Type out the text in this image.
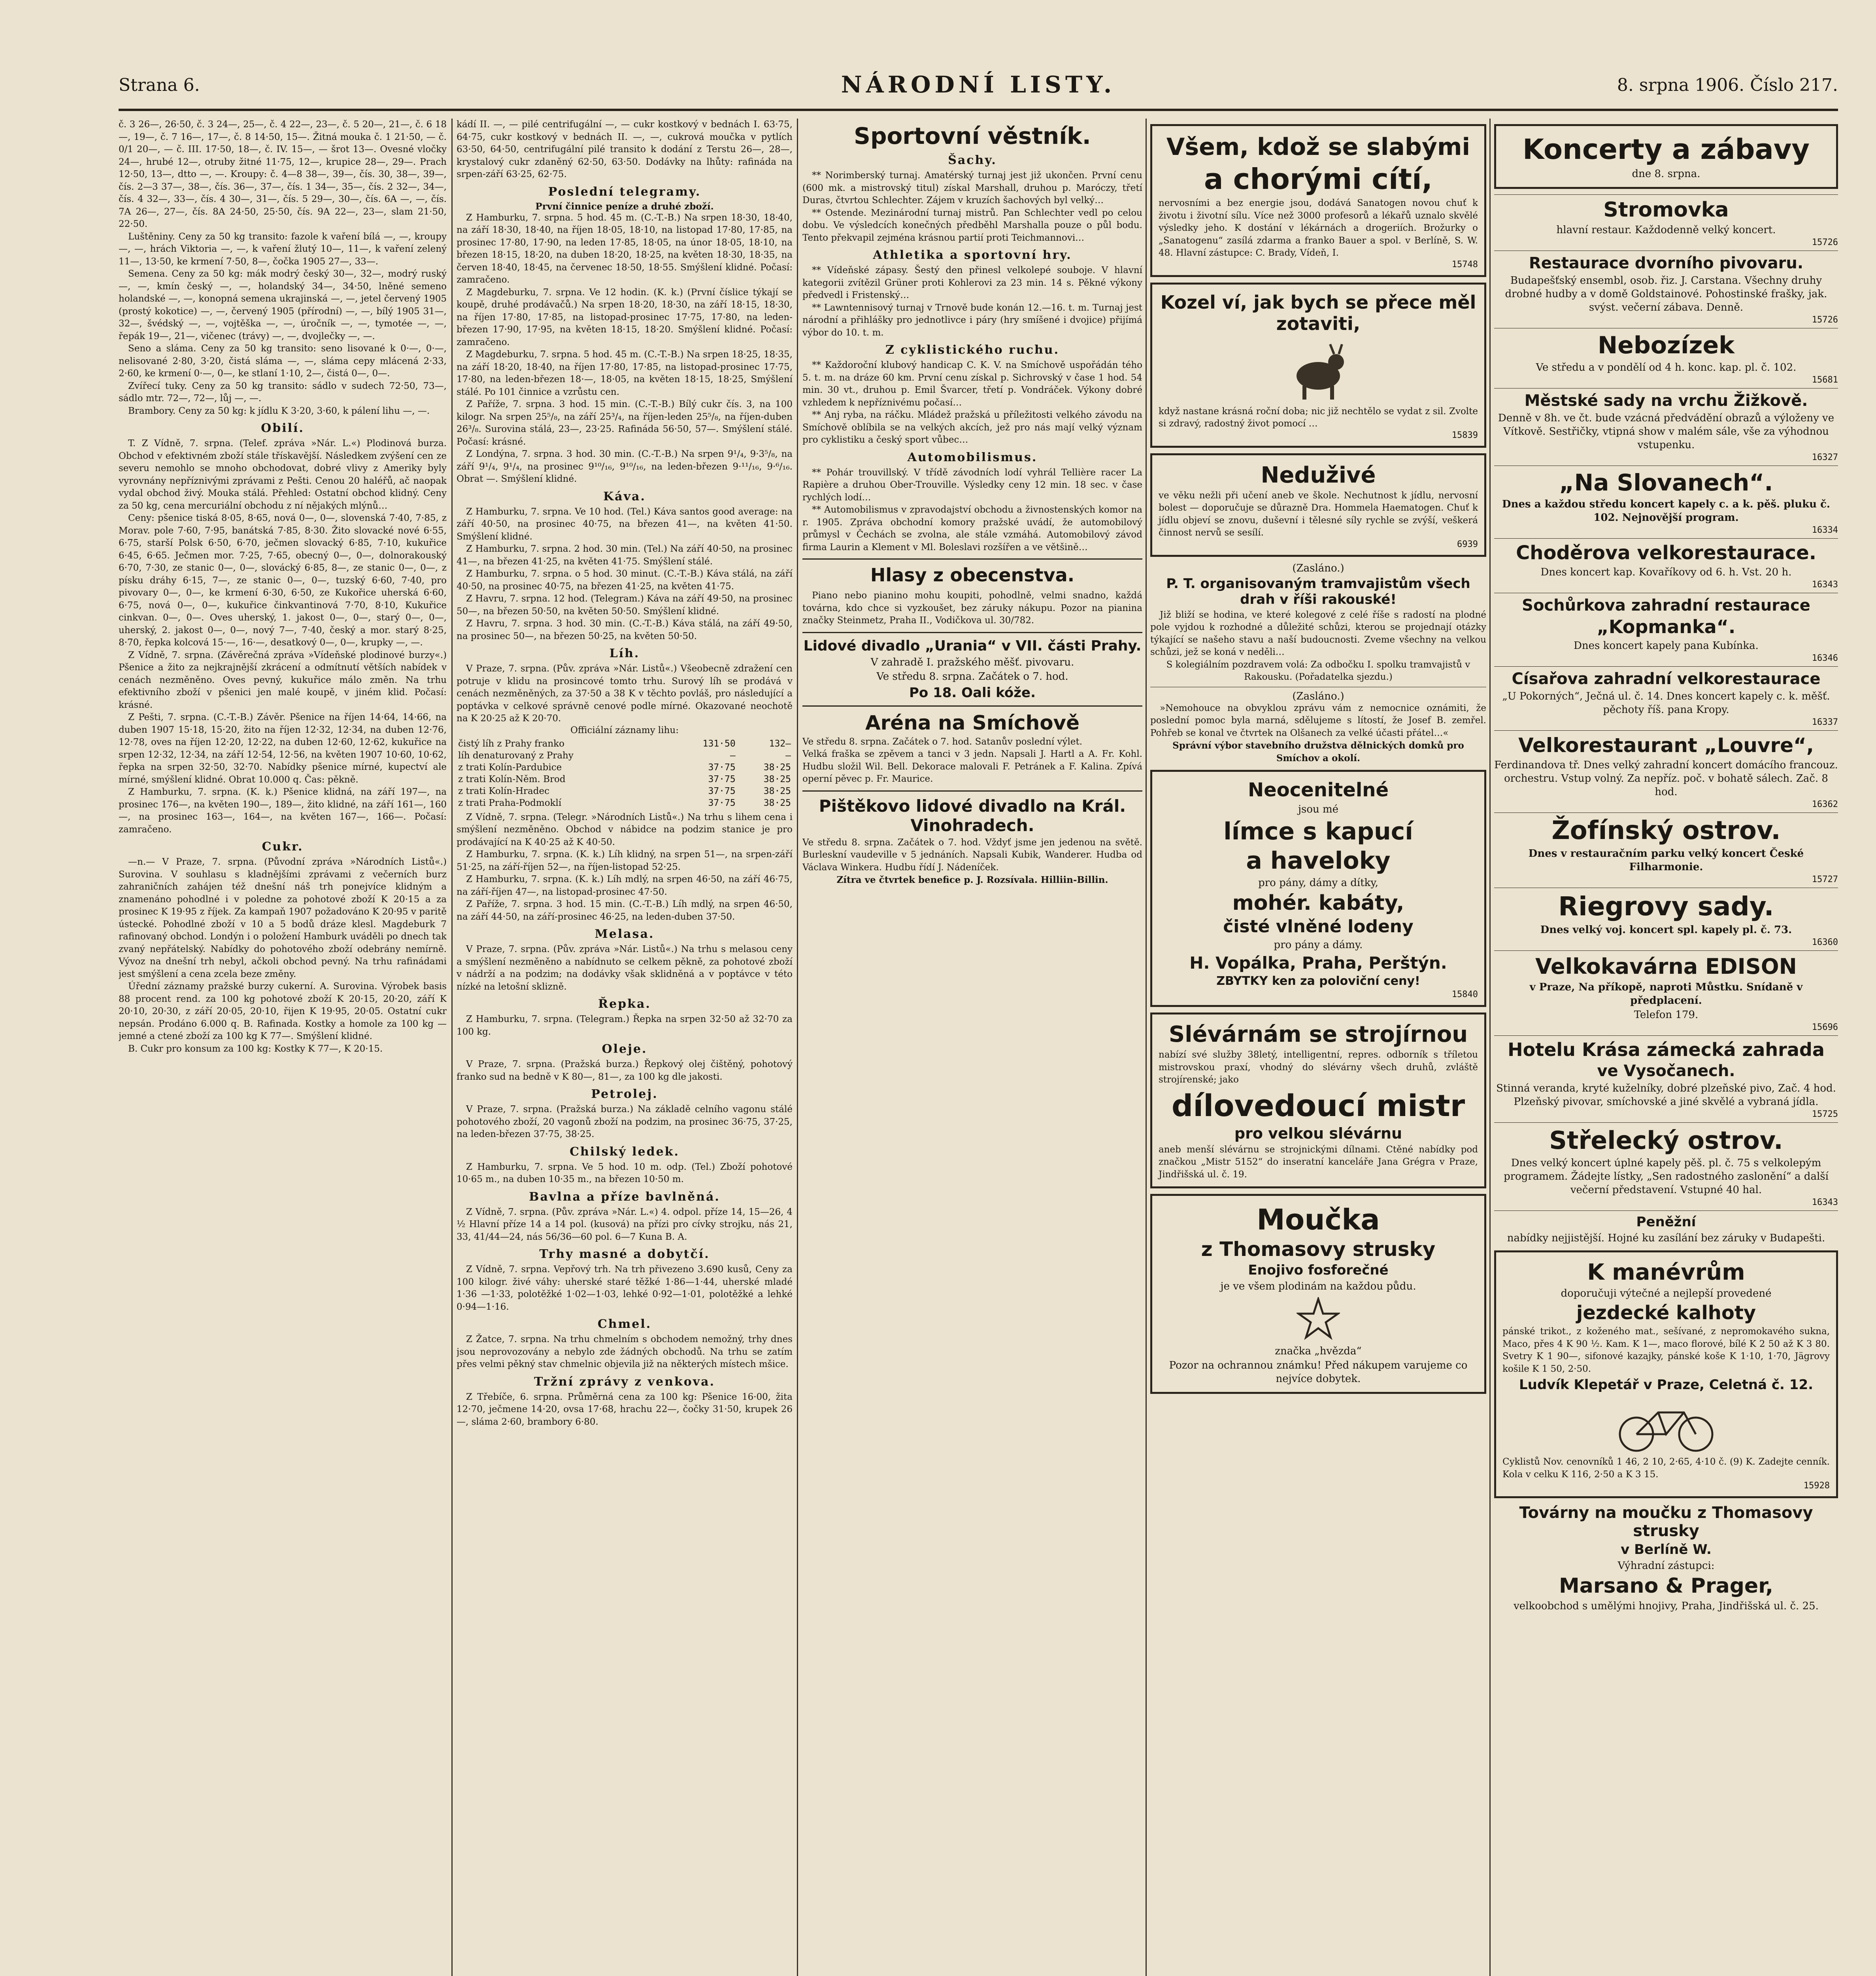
Strana 6.	NÁRODNÍ LISTY.	8. srpna 1906. Číslo 217.

č. 3 26—, 26·50, č. 3 24—, 25—, č. 4 22—, 23—, č. 5 20—, 21—, č. 6 18—, 19—, č. 7 16—, 17—, č. 8 14·50, 15—. Žitná mouka č. 1 21·50, — č. 0/1 20—, — č. III. 17·50, 18—, č. IV. 15—, — šrot 13—. Ovesné vločky 24—, hrubé 12—, otruby žitné 11·75, 12—, krupice 28—, 29—. Prach 12·50, 13—, dtto —, —. Kroupy: č. 4—8 38—, 39—, čís. 30, 38—, 39—, čís. 2—3 37—, 38—, čís. 36—, 37—, čís. 1 34—, 35—, čís. 2 32—, 34—, čís. 4 32—, 33—, čís. 4 30—, 31—, čís. 5 29—, 30—, čís. 6A —, —, čís. 7A 26—, 27—, čís. 8A 24·50, 25·50, čís. 9A 22—, 23—, slam 21·50, 22·50.

Luštěniny. Ceny za 50 kg transito: fazole k vaření bílá —, —, kroupy —, —, hrách Viktoria —, —, k vaření žlutý 10—, 11—, k vaření zelený 11—, 13·50, ke krmení 7·50, 8—, čočka 1905 27—, 33—.

Semena. Ceny za 50 kg: mák modrý český 30—, 32—, modrý ruský —, —, kmín český —, —, holandský 34—, 34·50, lněné semeno holandské —, —, konopná semena ukrajinská —, —, jetel červený 1905 (prostý kokotice) —, —, červený 1905 (přírodní) —, —, bílý 1905 31—, 32—, švédský —, —, vojtěška —, —, úročník —, —, tymotée —, —, řepák 19—, 21—, vičenec (trávy) —, —, dvojlečky —, —.

Seno a sláma. Ceny za 50 kg transito: seno lisované k 0·—, 0·—, nelisované 2·80, 3·20, čistá sláma —, —, sláma cepy mlácená 2·33, 2·60, ke krmení 0·—, 0—, ke stlaní 1·10, 2—, čistá 0—, 0—.

Zvířecí tuky. Ceny za 50 kg transito: sádlo v sudech 72·50, 73—, sádlo mtr. 72—, 72—, lůj —, —.

Brambory. Ceny za 50 kg: k jídlu K 3·20, 3·60, k pálení lihu —, —.

Obilí.

T. Z Vídně, 7. srpna. (Telef. zpráva »Nár. L.«) Plodinová burza. Obchod v efektivném zboží stále třískavější. Následkem zvýšení cen ze severu nemohlo se mnoho obchodovat, dobré vlivy z Ameriky byly vyrovnány nepříznivými zprávami z Pešti. Cenou 20 haléřů, ač naopak vydal obchod živý. Mouka stálá. Přehled: Ostatní obchod klidný. Ceny za 50 kg, cena mercuriální obchodu z ní nějakých mlýnů…

Ceny: pšenice tiská 8·05, 8·65, nová 0—, 0—, slovenská 7·40, 7·85, z Morav. pole 7·60, 7·95, banátská 7·85, 8·30. Žito slovacké nové 6·55, 6·75, starší Polsk 6·50, 6·70, ječmen slovacký 6·85, 7·10, kukuřice 6·45, 6·65. Ječmen mor. 7·25, 7·65, obecný 0—, 0—, dolnorakouský 6·70, 7·30, ze stanic 0—, 0—, slovácký 6·85, 8—, ze stanic 0—, 0—, z písku dráhy 6·15, 7—, ze stanic 0—, 0—, tuzský 6·60, 7·40, pro pivovary 0—, 0—, ke krmení 6·30, 6·50, ze Kukořice uherská 6·60, 6·75, nová 0—, 0—, kukuřice činkvantinová 7·70, 8·10, Kukuřice cinkvan. 0—, 0—. Oves uherský, 1. jakost 0—, 0—, starý 0—, 0—, uherský, 2. jakost 0—, 0—, nový 7—, 7·40, český a mor. starý 8·25, 8·70, řepka kolcová 15·—, 16·—, desatkový 0—, 0—, krupky —, —.

Z Vídně, 7. srpna. (Závěrečná zpráva »Vídeňské plodinové burzy«.) Pšenice a žito za nejkrajnější zkrácení a odmítnutí větších nabídek v cenách nezměněno. Oves pevný, kukuřice málo změn. Na trhu efektivního zboží v pšenici jen malé koupě, v jiném klid. Počasí: krásné.

Z Pešti, 7. srpna. (C.-T.-B.) Závěr. Pšenice na říjen 14·64, 14·66, na duben 1907 15·18, 15·20, žito na říjen 12·32, 12·34, na duben 12·76, 12·78, oves na říjen 12·20, 12·22, na duben 12·60, 12·62, kukuřice na srpen 12·32, 12·34, na září 12·54, 12·56, na květen 1907 10·60, 10·62, řepka na srpen 32·50, 32·70. Nabídky pšenice mírné, kupectví ale mírné, smýšlení klidné. Obrat 10.000 q. Čas: pěkně.

Z Hamburku, 7. srpna. (K. k.) Pšenice klidná, na září 197—, na prosinec 176—, na květen 190—, 189—, žito klidné, na září 161—, 160—, na prosinec 163—, 164—, na květen 167—, 166—. Počasí: zamračeno.

Cukr.

—n.— V Praze, 7. srpna. (Původní zpráva »Národních Listů«.) Surovina. V souhlasu s kladnějšími zprávami z večerních burz zahraničních zahájen též dnešní náš trh ponejvíce klidným a znamenáno pohodlné i v poledne za pohotové zboží K 20·15 a za prosinec K 19·95 z říjek. Za kampaň 1907 požadováno K 20·95 v paritě ústecké. Pohodlné zboží v 10 a 5 bodů dráze klesl. Magdeburk 7 rafinovaný obchod. Londýn i o položení Hamburk uváděli po dnech tak zvaný nepřátelský. Nabídky do pohotového zboží odebrány nemírně. Vývoz na dnešní trh nebyl, ačkoli obchod pevný. Na trhu rafinádami jest smýšlení a cena zcela beze změny.

Úřední záznamy pražské burzy cukerní. A. Surovina. Výrobek basis 88 procent rend. za 100 kg pohotové zboží K 20·15, 20·20, září K 20·10, 20·30, z září 20·05, 20·10, řijen K 19·95, 20·05. Ostatní cukr nepsán. Prodáno 6.000 q. B. Rafinada. Kostky a homole za 100 kg — jemné a ctené zboží za 100 kg K 77—. Smýšlení klidné.

B. Cukr pro konsum za 100 kg: Kostky K 77—, K 20·15.

kádí II. —, — pilé centrifugální —, — cukr kostkový v bednách I. 63·75, 64·75, cukr kostkový v bednách II. —, —, cukrová moučka v pytlích 63·50, 64·50, centrifugální pilé transito k dodání z Terstu 26—, 28—, krystalový cukr zdaněný 62·50, 63·50. Dodávky na lhůty: rafináda na srpen-září 63·25, 62·75.

Poslední telegramy.
První činnice peníze a druhé zboží.

Z Hamburku, 7. srpna. 5 hod. 45 m. (C.-T.-B.) Na srpen 18·30, 18·40, na září 18·30, 18·40, na říjen 18·05, 18·10, na listopad 17·80, 17·85, na prosinec 17·80, 17·90, na leden 17·85, 18·05, na únor 18·05, 18·10, na březen 18·15, 18·20, na duben 18·20, 18·25, na květen 18·30, 18·35, na červen 18·40, 18·45, na červenec 18·50, 18·55. Smýšlení klidné. Počasí: zamračeno.

Z Magdeburku, 7. srpna. Ve 12 hodin. (K. k.) (První číslice týkají se koupě, druhé prodávačů.) Na srpen 18·20, 18·30, na září 18·15, 18·30, na říjen 17·80, 17·85, na listopad-prosinec 17·75, 17·80, na leden-březen 17·90, 17·95, na květen 18·15, 18·20. Smýšlení klidné. Počasí: zamračeno.

Z Magdeburku, 7. srpna. 5 hod. 45 m. (C.-T.-B.) Na srpen 18·25, 18·35, na září 18·20, 18·40, na říjen 17·80, 17·85, na listopad-prosinec 17·75, 17·80, na leden-březen 18·—, 18·05, na květen 18·15, 18·25, Smýšlení stálé. Po 101 činnice a vzrůstu cen.

Z Paříže, 7. srpna. 3 hod. 15 min. (C.-T.-B.) Bílý cukr čís. 3, na 100 kilogr. Na srpen 25⁵/₈, na září 25³/₄, na říjen-leden 25⁵/₈, na říjen-duben 26³/₈. Surovina stálá, 23—, 23·25. Rafináda 56·50, 57—. Smýšlení stálé. Počasí: krásné.

Z Londýna, 7. srpna. 3 hod. 30 min. (C.-T.-B.) Na srpen 9¹/₄, 9·3⁵/₈, na září 9¹/₄, 9¹/₄, na prosinec 9¹⁰/₁₆, 9¹⁰/₁₆, na leden-březen 9·¹¹/₁₆, 9·⁶/₁₆. Obrat —. Smýšlení klidné.

Káva.

Z Hamburku, 7. srpna. Ve 10 hod. (Tel.) Káva santos good average: na září 40·50, na prosinec 40·75, na březen 41—, na květen 41·50. Smýšlení klidné.

Z Hamburku, 7. srpna. 2 hod. 30 min. (Tel.) Na září 40·50, na prosinec 41—, na březen 41·25, na květen 41·75. Smýšlení stálé.

Z Hamburku, 7. srpna. o 5 hod. 30 minut. (C.-T.-B.) Káva stálá, na září 40·50, na prosinec 40·75, na březen 41·25, na květen 41·75.

Z Havru, 7. srpna. 12 hod. (Telegram.) Káva na září 49·50, na prosinec 50—, na březen 50·50, na květen 50·50. Smýšlení klidné.

Z Havru, 7. srpna. 3 hod. 30 min. (C.-T.-B.) Káva stálá, na září 49·50, na prosinec 50—, na březen 50·25, na květen 50·50.

Líh.

V Praze, 7. srpna. (Pův. zpráva »Nár. Listů«.) Všeobecně zdražení cen potruje v klidu na prosincové tomto trhu. Surový líh se prodává v cenách nezměněných, za 37·50 a 38 K v těchto povláš, pro následující a poptávka v celkové správně cenové podle mírné. Okazované neochotě na K 20·25 až K 20·70.

Officiální záznamy lihu:
čistý líh z Prahy franko	131·50	132—
líh denaturovaný z Prahy	—	—
z trati Kolín-Pardubice	37·75	38·25
z trati Kolín-Něm. Brod	37·75	38·25
z trati Kolín-Hradec	37·75	38·25
z trati Praha-Podmoklí	37·75	38·25

Z Vídně, 7. srpna. (Telegr. »Národních Listů«.) Na trhu s lihem cena i smýšlení nezměněno. Obchod v nábidce na podzim stanice je pro prodávající na K 40·25 až K 40·50.

Z Hamburku, 7. srpna. (K. k.) Líh klidný, na srpen 51—, na srpen-září 51·25, na září-říjen 52—, na říjen-listopad 52·25.

Z Hamburku, 7. srpna. (K. k.) Líh mdlý, na srpen 46·50, na září 46·75, na září-říjen 47—, na listopad-prosinec 47·50.

Z Paříže, 7. srpna. 3 hod. 15 min. (C.-T.-B.) Líh mdlý, na srpen 46·50, na září 44·50, na září-prosinec 46·25, na leden-duben 37·50.

Melasa.

V Praze, 7. srpna. (Pův. zpráva »Nár. Listů«.) Na trhu s melasou ceny a smýšlení nezměněno a nabídnuto se celkem pěkně, za pohotové zboží v nádrží a na podzim; na dodávky však sklidněná a v poptávce v této nízké na letošní sklizně.

Řepka.

Z Hamburku, 7. srpna. (Telegram.) Řepka na srpen 32·50 až 32·70 za 100 kg.

Oleje.

V Praze, 7. srpna. (Pražská burza.) Řepkový olej čištěný, pohotový franko sud na bedně v K 80—, 81—, za 100 kg dle jakosti.

Petrolej.

V Praze, 7. srpna. (Pražská burza.) Na základě celního vagonu stálé pohotového zboží, 20 vagonů zboží na podzim, na prosinec 36·75, 37·25, na leden-březen 37·75, 38·25.

Chilský ledek.

Z Hamburku, 7. srpna. Ve 5 hod. 10 m. odp. (Tel.) Zboží pohotové 10·65 m., na duben 10·35 m., na březen 10·50 m.

Bavlna a příze bavlněná.

Z Vídně, 7. srpna. (Pův. zpráva »Nár. L.«) 4. odpol. příze 14, 15—26, 4 ½ Hlavní příze 14 a 14 pol. (kusová) na přízi pro cívky strojku, nás 21, 33, 41/44—24, nás 56/36—60 pol. 6—7 Kuna B. A.

Trhy masné a dobytčí.

Z Vídně, 7. srpna. Vepřový trh. Na trh přivezeno 3.690 kusů, Ceny za 100 kilogr. živé váhy: uherské staré těžké 1·86—1·44, uherské mladé 1·36 —1·33, polotěžké 1·02—1·03, lehké 0·92—1·01, polotěžké a lehké 0·94—1·16.

Chmel.

Z Žatce, 7. srpna. Na trhu chmelním s obchodem nemožný, trhy dnes jsou neprovozovány a nebylo zde žádných obchodů. Na trhu se zatím přes velmi pěkný stav chmelnic objevila již na některých místech mšice.

Tržní zprávy z venkova.

Z Třebíče, 6. srpna. Průměrná cena za 100 kg: Pšenice 16·00, žita 12·70, ječmene 14·20, ovsa 17·68, hrachu 22—, čočky 31·50, krupek 26—, sláma 2·60, brambory 6·80.

Sportovní věstník.
Šachy.

** Norimberský turnaj. Amatérský turnaj jest již ukončen. První cenu (600 mk. a mistrovský titul) získal Marshall, druhou p. Maróczy, třetí Duras, čtvrtou Schlechter. Zájem v kruzích šachových byl velký…

** Ostende. Mezinárodní turnaj mistrů. Pan Schlechter vedl po celou dobu. Ve výsledcích konečných předběhl Marshalla pouze o půl bodu. Tento překvapil zejména krásnou partií proti Teichmannovi…

Athletika a sportovní hry.

** Vídeňské zápasy. Šestý den přinesl velkolepé souboje. V hlavní kategorii zvítězil Grüner proti Kohlerovi za 23 min. 14 s. Pěkné výkony předvedl i Fristenský…

** Lawntennisový turnaj v Trnově bude konán 12.—16. t. m. Turnaj jest národní a přihlášky pro jednotlivce i páry (hry smíšené i dvojice) přijímá výbor do 10. t. m.

Z cyklistického ruchu.

** Každoroční klubový handicap C. K. V. na Smíchově uspořádán tého 5. t. m. na dráze 60 km. První cenu získal p. Sichrovský v čase 1 hod. 54 min. 30 vt., druhou p. Emil Švarcer, třetí p. Vondráček. Výkony dobré vzhledem k nepříznivému počasí…

** Anj ryba, na ráčku. Mládež pražská u příležitosti velkého závodu na Smíchově oblíbila se na velkých akcích, jež pro nás mají velký význam pro cyklistiku a český sport vůbec…

Automobilismus.

** Pohár trouvillský. V třídě závodních lodí vyhrál Tellière racer La Rapière a druhou Ober-Trouville. Výsledky ceny 12 min. 18 sec. v čase rychlých lodí…

** Automobilismus v zpravodajství obchodu a živnostenských komor na r. 1905. Zpráva obchodní komory pražské uvádí, že automobilový průmysl v Čechách se zvolna, ale stále vzmáhá. Automobilový závod firma Laurin a Klement v Ml. Boleslavi rozšířen a ve většině…

Hlasy z obecenstva.

Piano nebo pianino mohu koupiti, pohodlně, velmi snadno, každá továrna, kdo chce si vyzkoušet, bez záruky nákupu. Pozor na pianina značky Steinmetz, Praha II., Vodičkova ul. 30/782.

Lidové divadlo „Urania“ v VII. části Prahy.
V zahradě I. pražského měšť. pivovaru.
Ve středu 8. srpna. Začátek o 7. hod.
Po 18. Oali kóže.
Aréna na Smíchově

Ve středu 8. srpna. Začátek o 7. hod. Satanův poslední výlet.

Velká fraška se zpěvem a tanci v 3 jedn. Napsali J. Hartl a A. Fr. Kohl. Hudbu složil Wil. Bell. Dekorace malovali F. Petránek a F. Kalina. Zpívá operní pěvec p. Fr. Maurice.

Pištěkovo lidové divadlo na Král. Vinohradech.

Ve středu 8. srpna. Začátek o 7. hod. Vždyť jsme jen jedenou na světě. Burleskní vaudeville v 5 jednáních. Napsali Kubik, Wanderer. Hudba od Václava Winkera. Hudbu řídí J. Nádeníček.

Zítra ve čtvrtek benefice p. J. Rozsívala. Hilliin-Billin.

Všem, kdož se slabými
a chorými cítí,

nervosními a bez energie jsou, dodává Sanatogen novou chuť k životu i životní sílu. Více než 3000 profesorů a lékařů uznalo skvělé výsledky jeho. K dostání v lékárnách a drogeriích. Brožurky o „Sanatogenu“ zasílá zdarma a franko Bauer a spol. v Berlíně, S. W. 48. Hlavní zástupce: C. Brady, Vídeň, I.

15748
Kozel ví, jak bych se přece měl zotaviti,

když nastane krásná roční doba; nic již nechtělo se vydat z sil. Zvolte si zdravý, radostný život pomocí …

15839
Neduživé

ve věku nežli při učení aneb ve škole. Nechutnost k jídlu, nervosní bolest — doporučuje se důrazně Dra. Hommela Haematogen. Chuť k jídlu objeví se znovu, duševní i tělesné síly rychle se zvýší, veškerá činnost nervů se sesílí.

6939
(Zasláno.)
P. T. organisovaným tramvajistům všech drah v říši rakouské!

Již bliží se hodina, ve které kolegové z celé říše s radostí na plodné pole vyjdou k rozhodné a důležité schůzi, kterou se projednají otázky týkající se našeho stavu a naší budoucnosti. Zveme všechny na velkou schůzi, jež se koná v neděli…

S kolegiálním pozdravem volá: Za odbočku I. spolku tramvajistů v Rakousku. (Pořadatelka sjezdu.)

(Zasláno.)

»Nemohouce na obvyklou zprávu vám z nemocnice oznámiti, že poslední pomoc byla marná, sdělujeme s lítostí, že Josef B. zemřel. Pohřeb se konal ve čtvrtek na Olšanech za velké účasti přátel…«

Správní výbor stavebního družstva dělnických domků pro Smíchov a okolí.

Neocenitelné
jsou mé
límce s kapucí
a haveloky
pro pány, dámy a dítky,
mohér. kabáty,
čisté vlněné lodeny
pro pány a dámy.
H. Vopálka, Praha, Perštýn.
ZBYTKY ken za poloviční ceny!
15840
Slévárnám se strojírnou

nabízí své služby 38letý, intelligentní, repres. odborník s tříletou mistrovskou praxí, vhodný do slévárny všech druhů, zvláště strojírenské; jako

dílovedoucí mistr
pro velkou slévárnu

aneb menší slévárnu se strojnickými dílnami. Ctěné nabídky pod značkou „Mistr 5152“ do inseratní kanceláře Jana Grégra v Praze, Jindřišská ul. č. 19.

Moučka
z Thomasovy strusky
Enojivo fosforečné
je ve všem plodinám na každou půdu.
značka „hvězda“
Pozor na ochrannou známku! Před nákupem varujeme co nejvíce dobytek.
Koncerty a zábavy
dne 8. srpna.
Stromovka
hlavní restaur. Každodenně velký koncert.
15726
Restaurace dvorního pivovaru.
Budapešťský ensembl, osob. řiz. J. Carstana. Všechny druhy drobné hudby a v domě Goldstainové. Pohostinské frašky, jak. svýst. večerní zábava. Denně.
15726
Nebozízek
Ve středu a v pondělí od 4 h. konc. kap. pl. č. 102.
15681
Městské sady na vrchu Žižkově.
Denně v 8h. ve čt. bude vzácná předvádění obrazů a výloženy ve Vítkově. Sestřičky, vtipná show v malém sále, vše za výhodnou vstupenku.
16327
„Na Slovanech“.
Dnes a každou středu koncert kapely c. a k. pěš. pluku č. 102. Nejnovější program.
16334
Choděrova velkorestaurace.
Dnes koncert kap. Kovaříkovy od 6. h. Vst. 20 h.
16343
Sochůrkova zahradní restaurace
„Kopmanka“.
Dnes koncert kapely pana Kubínka.
16346
Císařova zahradní velkorestaurace
„U Pokorných“, Ječná ul. č. 14. Dnes koncert kapely c. k. měšť. pěchoty říš. pana Kropy.
16337
Velkorestaurant „Louvre“,
Ferdinandova tř. Dnes velký zahradní koncert domácího francouz. orchestru. Vstup volný. Za nepříz. poč. v bohatě sálech. Zač. 8 hod.
16362
Žofínský ostrov.
Dnes v restauračním parku velký koncert České Filharmonie.
15727
Riegrovy sady.
Dnes velký voj. koncert spl. kapely pl. č. 73.
16360
Velkokavárna EDISON
v Praze, Na příkopě, naproti Můstku. Snídaně v předplacení.
Telefon 179.
15696
Hotelu Krása zámecká zahrada
ve Vysočanech.
Stinná veranda, kryté kuželníky, dobré plzeňské pivo, Zač. 4 hod. Plzeňský pivovar, smíchovské a jiné skvělé a vybraná jídla.
15725
Střelecký ostrov.
Dnes velký koncert úplné kapely pěš. pl. č. 75 s velkolepým programem. Žádejte lístky, „Sen radostného zaslonění“ a další večerní představení. Vstupné 40 hal.
16343
Peněžní
nabídky nejjistější. Hojné ku zasílání bez záruky v Budapešti.
K manévrům
doporučuji výtečné a nejlepší provedené
jezdecké kalhoty

pánské trikot., z koženého mat., sešívané, z nepromokavého sukna, Maco, přes 4 K 90 ½. Kam. K 1—, maco florové, bílé K 2 50 až K 3 80. Svetry K 1 90—, sifonové kazajky, pánské koše K 1·10, 1·70, Jägrovy košile K 1 50, 2·50.

Ludvík Klepetář v Praze, Celetná č. 12.

Cyklistů Nov. cenovníků 1 46, 2 10, 2·65, 4·10 č. (9) K. Zadejte cenník. Kola v celku K 116, 2·50 a K 3 15.

15928
Továrny na moučku z Thomasovy strusky
v Berlíně W.
Výhradní zástupci:
Marsano & Prager,
velkoobchod s umělými hnojivy, Praha, Jindřišská ul. č. 25.
